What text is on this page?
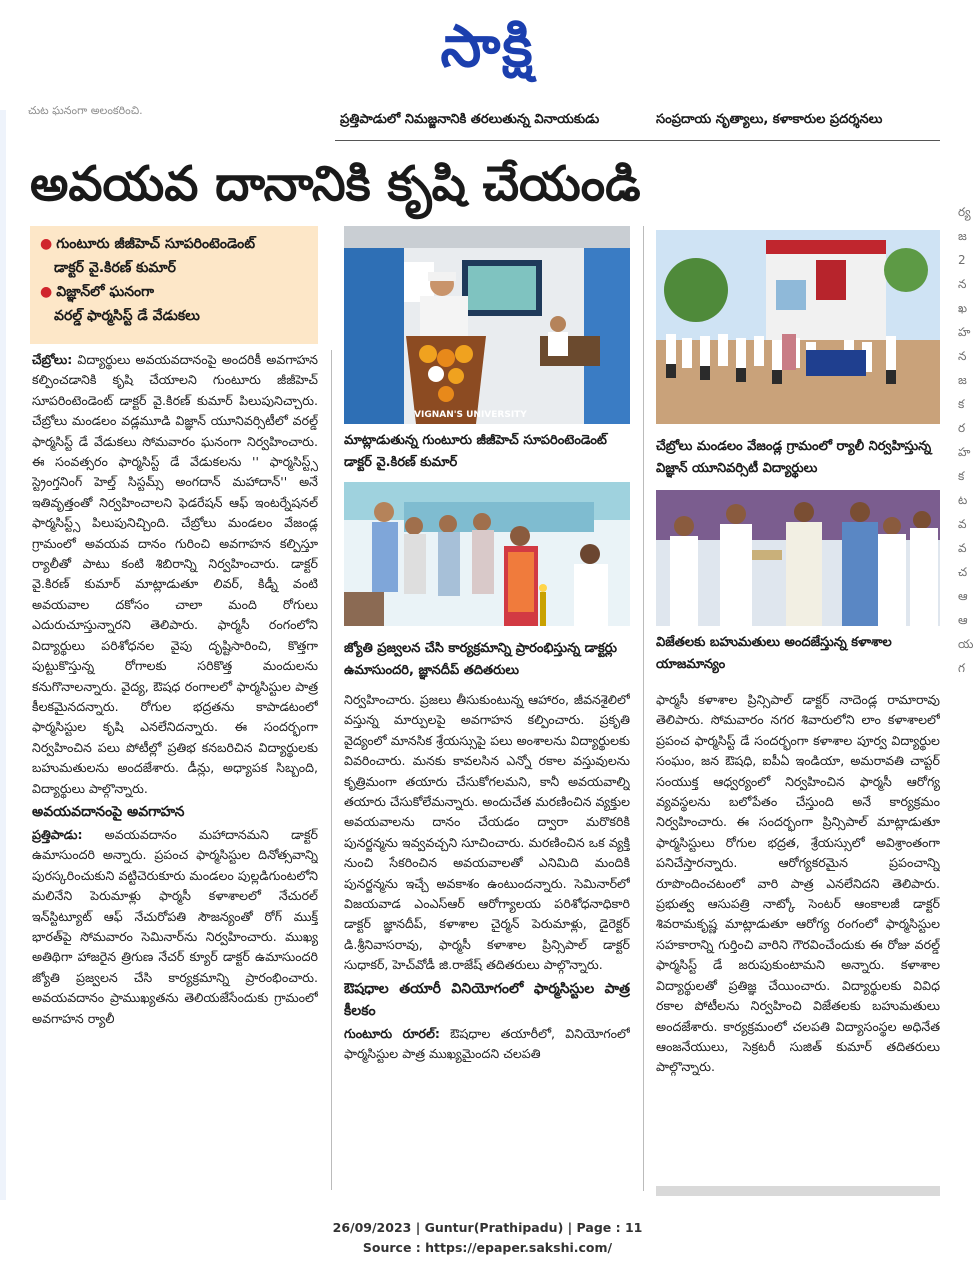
సాక్షి
చుట ఘనంగా అలంకరించి.
ప్రత్తిపాడులో నిమజ్జనానికి తరలుతున్న వినాయకుడు	సంప్రదాయ నృత్యాలు, కళాకారుల ప్రదర్శనలు
అవయవ దానానికి కృషి చేయండి
● గుంటూరు జీజీహెచ్ సూపరింటెండెంట్
డాక్టర్ వై.కిరణ్ కుమార్
● విజ్ఞాన్‌లో ఘనంగా
వరల్డ్ ఫార్మసిస్ట్ డే వేడుకలు
చేబ్రోలు: విద్యార్థులు అవయవదానంపై అందరికీ అవగాహన కల్పించడానికి కృషి చేయాలని గుంటూరు జీజీహెచ్ సూపరింటెండెంట్ డాక్టర్ వై.కిరణ్ కుమార్ పిలుపునిచ్చారు. చేబ్రోలు మండలం వడ్లమూడి విజ్ఞాన్ యూనివర్సిటీలో వరల్డ్ ఫార్మసిస్ట్ డే వేడుకలు సోమవారం ఘనంగా నిర్వహించారు. ఈ సంవత్సరం ఫార్మసిస్ట్ డే వేడుకలను '' ఫార్మసిస్ట్స్ స్ట్రెంగ్తనింగ్ హెల్త్ సిస్టమ్స్ అంగదాన్ మహాదాన్'' అనే ఇతివృత్తంతో నిర్వహించాలని ఫెడరేషన్ ఆఫ్ ఇంటర్నేషనల్ ఫార్మసిస్ట్స్ పిలుపునిచ్చింది. చేబ్రోలు మండలం వేజండ్ల గ్రామంలో అవయవ దానం గురించి అవగాహన కల్పిస్తూ ర్యాలీతో పాటు కంటి శిబిరాన్ని నిర్వహించారు. డాక్టర్ వై.కిరణ్ కుమార్ మాట్లాడుతూ లివర్, కిడ్నీ వంటి అవయవాల దకోసం చాలా మంది రోగులు ఎదురుచూస్తున్నారని తెలిపారు. ఫార్మసీ రంగంలోని విద్యార్థులు పరిశోధనల వైపు దృష్టిసారించి, కొత్తగా పుట్టుకొస్తున్న రోగాలకు సరికొత్త మందులను కనుగొనాలన్నారు. వైద్య, ఔషధ రంగాలలో ఫార్మసిస్టుల పాత్ర కీలకమైనదన్నారు. రోగుల భద్రతను కాపాడటంలో ఫార్మసిస్టుల కృషి ఎనలేనిదన్నారు. ఈ సందర్భంగా నిర్వహించిన పలు పోటీల్లో ప్రతిభ కనబరిచిన విద్యార్థులకు బహుమతులను అందజేశారు. డీన్లు, అధ్యాపక సిబ్బంది, విద్యార్థులు పాల్గొన్నారు.
అవయవదానంపై అవగాహన
ప్రత్తిపాడు: అవయవదానం మహాదానమని డాక్టర్ ఉమాసుందరి అన్నారు. ప్రపంచ ఫార్మసిస్టుల దినోత్సవాన్ని పురస్కరించుకుని వట్టిచెరుకూరు మండలం పుల్లడిగుంటలోని మలినేని పెరుమాళ్లు ఫార్మసీ కళాశాలలో నేచురల్ ఇన్‌స్టిట్యూట్ ఆఫ్ నేచురోపతి సౌజన్యంతో రోగ్ ముక్త్ భారత్‌పై సోమవారం సెమినార్‌ను నిర్వహించారు. ముఖ్య అతిథిగా హాజరైన త్రిగుణ నేచర్ క్యూర్ డాక్టర్ ఉమాసుందరి జ్యోతి ప్రజ్వలన చేసి కార్యక్రమాన్ని ప్రారంభించారు. అవయవదానం ప్రాముఖ్యతను తెలియజేసేందుకు గ్రామంలో అవగాహన ర్యాలీ
VIGNAN'S UNIVERSITY
మాట్లాడుతున్న గుంటూరు జీజీహెచ్ సూపరింటెండెంట్ డాక్టర్ వై.కిరణ్ కుమార్
చేబ్రోలు మండలం వేజండ్ల గ్రామంలో ర్యాలీ నిర్వహిస్తున్న విజ్ఞాన్ యూనివర్సిటీ విద్యార్థులు
జ్యోతి ప్రజ్వలన చేసి కార్యక్రమాన్ని ప్రారంభిస్తున్న డాక్టర్లు ఉమాసుందరి, జ్ఞానదీప్ తదితరులు
విజేతలకు బహుమతులు అందజేస్తున్న కళాశాల యాజమాన్యం
నిర్వహించారు. ప్రజలు తీసుకుంటున్న ఆహారం, జీవనశైలిలో వస్తున్న మార్పులపై అవగాహన కల్పించారు. ప్రకృతి వైద్యంలో మానసిక శ్రేయస్సుపై పలు అంశాలను విద్యార్థులకు వివరించారు. మనకు కావలసిన ఎన్నో రకాల వస్తువులను కృత్రిమంగా తయారు చేసుకోగలమని, కానీ అవయవాల్ని తయారు చేసుకోలేమన్నారు. అందుచేత మరణించిన వ్యక్తుల అవయవాలను దానం చేయడం ద్వారా మరొకరికి పునర్జన్మను ఇవ్వవచ్చని సూచించారు. మరణించిన ఒక వ్యక్తి నుంచి సేకరించిన అవయవాలతో ఎనిమిది మందికి పునర్జన్మను ఇచ్చే అవకాశం ఉంటుందన్నారు. సెమినార్‌లో విజయవాడ ఎంఎస్ఆర్ ఆరోగ్యాలయ పరిశోధనాధికారి డాక్టర్ జ్ఞానదీప్, కళాశాల చైర్మన్ పెరుమాళ్లు, డైరెక్టర్ డి.శ్రీనివాసరావు, ఫార్మసీ కళాశాల ప్రిన్సిపాల్ డాక్టర్ సుధాకర్, హెచ్‌వోడీ జి.రాజేష్ తదితరులు పాల్గొన్నారు.
ఔషధాల తయారీ వినియోగంలో ఫార్మసిస్టుల పాత్ర కీలకం
గుంటూరు రూరల్: ఔషధాల తయారీలో, వినియోగంలో ఫార్మసిస్టుల పాత్ర ముఖ్యమైందని చలపతి
ఫార్మసీ కళాశాల ప్రిన్సిపాల్ డాక్టర్ నాదెండ్ల రామారావు తెలిపారు. సోమవారం నగర శివారులోని లాం కళాశాలలో ప్రపంచ ఫార్మసిస్ట్ డే సందర్భంగా కళాశాల పూర్వ విద్యార్థుల సంఘం, జన ఔషధి, ఐపీఏ ఇండియా, అమరావతి చాప్టర్ సంయుక్త ఆధ్వర్యంలో నిర్వహించిన ఫార్మసీ ఆరోగ్య వ్యవస్థలను బలోపేతం చేస్తుంది అనే కార్యక్రమం నిర్వహించారు. ఈ సందర్భంగా ప్రిన్సిపాల్ మాట్లాడుతూ ఫార్మసిస్టులు రోగుల భద్రత, శ్రేయస్సులో అవిశ్రాంతంగా పనిచేస్తారన్నారు. ఆరోగ్యకరమైన ప్రపంచాన్ని రూపొందించటంలో వారి పాత్ర ఎనలేనిదని తెలిపారు. ప్రభుత్వ ఆసుపత్రి నాట్కో సెంటర్ ఆంకాలజీ డాక్టర్ శివరామకృష్ణ మాట్లాడుతూ ఆరోగ్య రంగంలో ఫార్మసిస్టుల సహకారాన్ని గుర్తించి వారిని గౌరవించేందుకు ఈ రోజు వరల్డ్ ఫార్మసిస్ట్ డే జరుపుకుంటామని అన్నారు. కళాశాల విద్యార్థులతో ప్రతిజ్ఞ చేయించారు. విద్యార్థులకు వివిధ రకాల పోటీలను నిర్వహించి విజేతలకు బహుమతులు అందజేశారు. కార్యక్రమంలో చలపతి విద్యాసంస్థల అధినేత ఆంజనేయులు, సెక్రటరీ సుజిత్ కుమార్ తదితరులు పాల్గొన్నారు.
ర్య జ 2 న ఖ హ న జ క ర హ క ట వ వ చ ఆ ఆ య గ
26/09/2023 | Guntur(Prathipadu) | Page : 11
Source : https://epaper.sakshi.com/
